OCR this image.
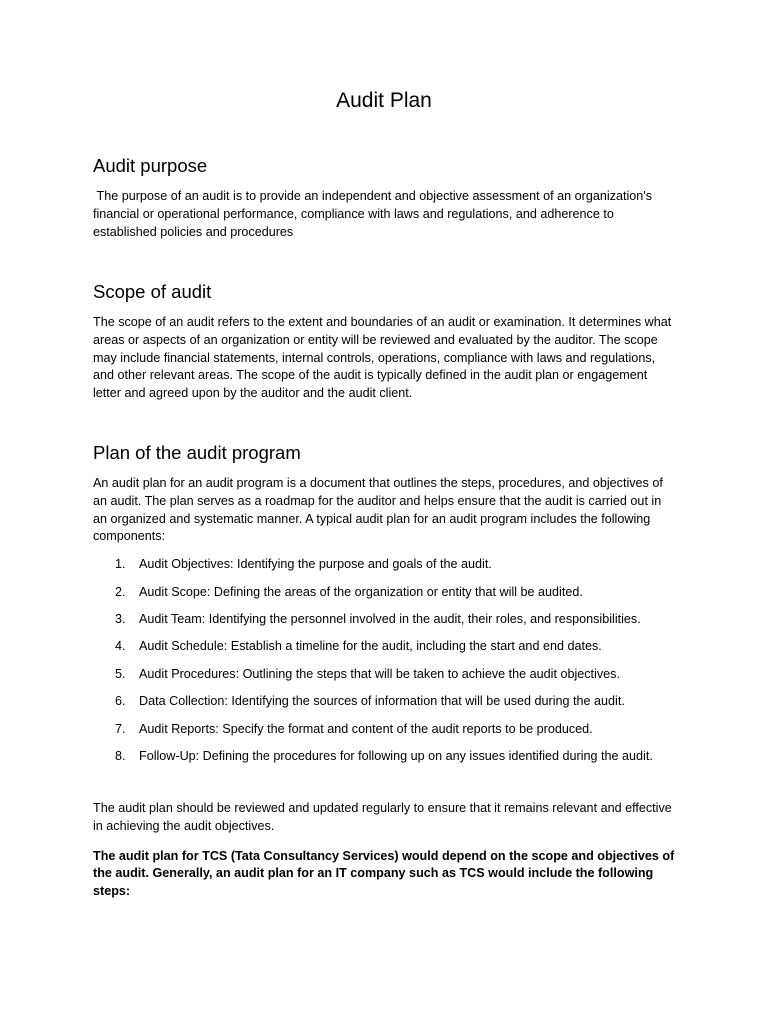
Audit Plan
Audit purpose

The purpose of an audit is to provide an independent and objective assessment of an organization's financial or operational performance, compliance with laws and regulations, and adherence to established policies and procedures

Scope of audit

The scope of an audit refers to the extent and boundaries of an audit or examination. It determines what areas or aspects of an organization or entity will be reviewed and evaluated by the auditor. The scope may include financial statements, internal controls, operations, compliance with laws and regulations, and other relevant areas. The scope of the audit is typically defined in the audit plan or engagement letter and agreed upon by the auditor and the audit client.

Plan of the audit program

An audit plan for an audit program is a document that outlines the steps, procedures, and objectives of an audit. The plan serves as a roadmap for the auditor and helps ensure that the audit is carried out in an organized and systematic manner. A typical audit plan for an audit program includes the following components:

1. Audit Objectives: Identifying the purpose and goals of the audit.
2. Audit Scope: Defining the areas of the organization or entity that will be audited.
3. Audit Team: Identifying the personnel involved in the audit, their roles, and responsibilities.
4. Audit Schedule: Establish a timeline for the audit, including the start and end dates.
5. Audit Procedures: Outlining the steps that will be taken to achieve the audit objectives.
6. Data Collection: Identifying the sources of information that will be used during the audit.
7. Audit Reports: Specify the format and content of the audit reports to be produced.
8. Follow-Up: Defining the procedures for following up on any issues identified during the audit.

The audit plan should be reviewed and updated regularly to ensure that it remains relevant and effective in achieving the audit objectives.

The audit plan for TCS (Tata Consultancy Services) would depend on the scope and objectives of the audit. Generally, an audit plan for an IT company such as TCS would include the following steps:
